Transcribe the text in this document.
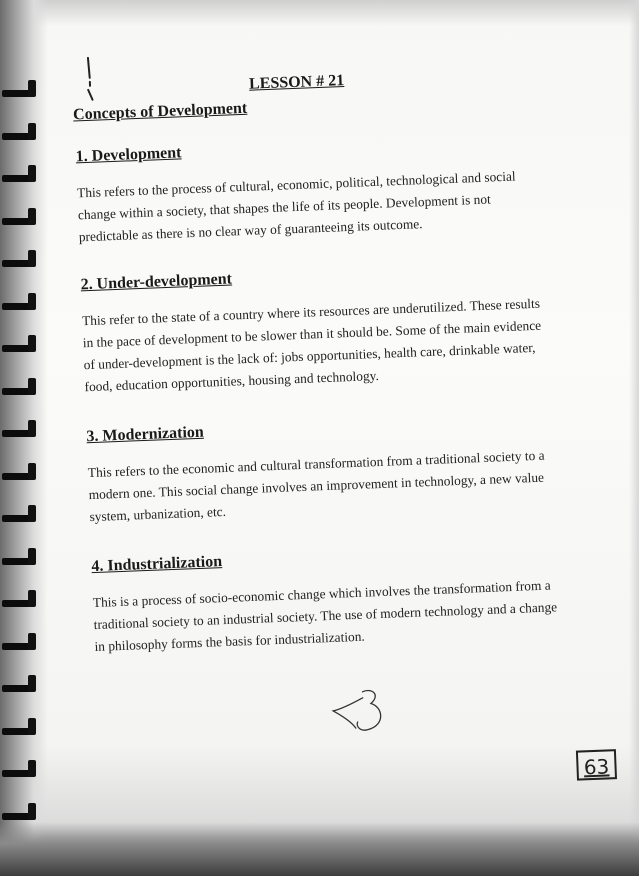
LESSON # 21
Concepts of Development
1. Development

This refers to the process of cultural, economic, political, technological and social change within a society, that shapes the life of its people. Development is not predictable as there is no clear way of guaranteeing its outcome.

2. Under-development

This refer to the state of a country where its resources are underutilized. These results in the pace of development to be slower than it should be. Some of the main evidence of under-development is the lack of: jobs opportunities, health care, drinkable water, food, education opportunities, housing and technology.

3. Modernization

This refers to the economic and cultural transformation from a traditional society to a modern one. This social change involves an improvement in technology, a new value system, urbanization, etc.

4. Industrialization

This is a process of socio-economic change which involves the transformation from a traditional society to an industrial society. The use of modern technology and a change in philosophy forms the basis for industrialization.

63
